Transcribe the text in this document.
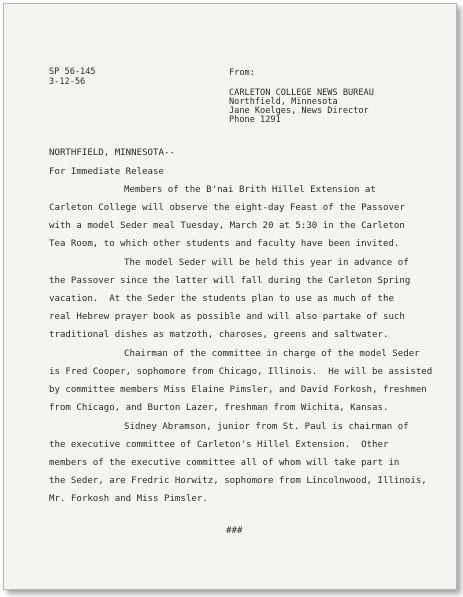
SP 56-145
3-12-56
From:
CARLETON COLLEGE NEWS BUREAU
Northfield, Minnesota
Jane Koelges, News Director
Phone 1291
NORTHFIELD, MINNESOTA--
For Immediate Release

Members of the B'nai Brith Hillel Extension at

Carleton College will observe the eight-day Feast of the Passover

with a model Seder meal Tuesday, March 20 at 5:30 in the Carleton

Tea Room, to which other students and faculty have been invited.

The model Seder will be held this year in advance of

the Passover since the latter will fall during the Carleton Spring

vacation.  At the Seder the students plan to use as much of the

real Hebrew prayer book as possible and will also partake of such

traditional dishes as matzoth, charoses, greens and saltwater.

Chairman of the committee in charge of the model Seder

is Fred Cooper, sophomore from Chicago, Illinois.  He will be assisted

by committee members Miss Elaine Pimsler, and David Forkosh, freshmen

from Chicago, and Burton Lazer, freshman from Wichita, Kansas.

Sidney Abramson, junior from St. Paul is chairman of

the executive committee of Carleton's Hillel Extension.  Other

members of the executive committee all of whom will take part in

the Seder, are Fredric Horwitz, sophomore from Lincolnwood, Illinois,

Mr. Forkosh and Miss Pimsler.

###
